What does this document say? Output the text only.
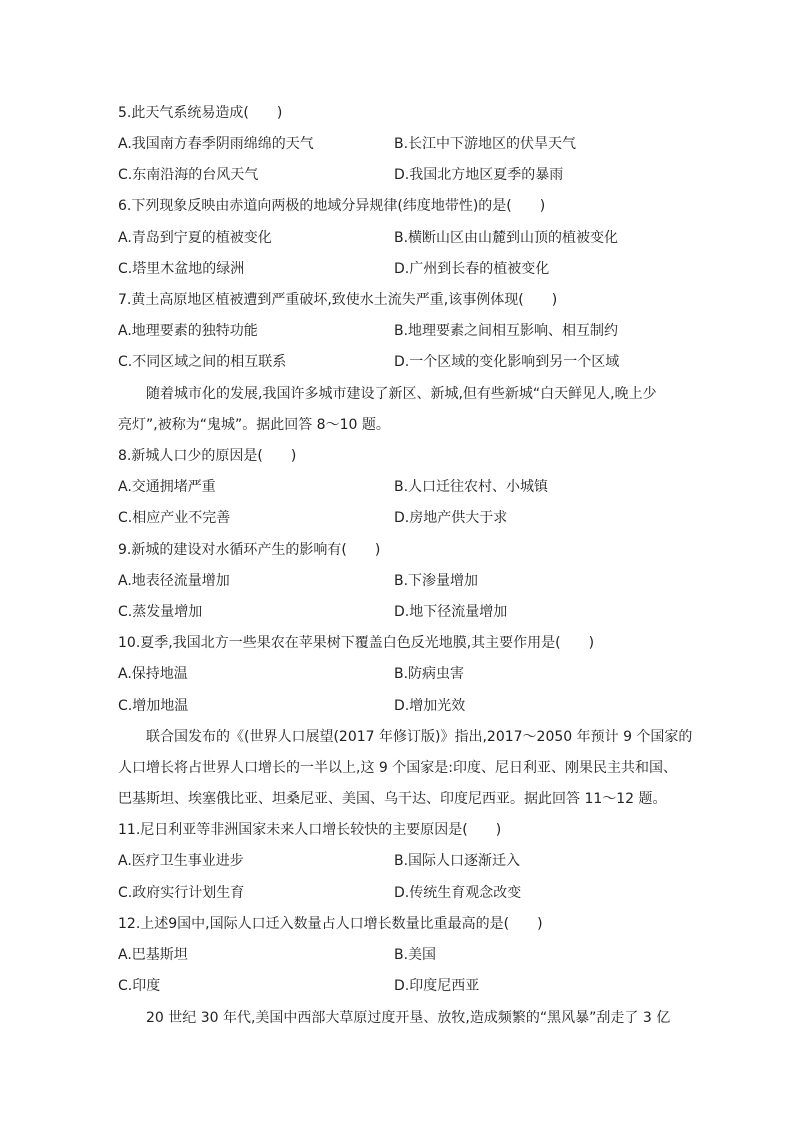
5.此天气系统易造成(　　)
A.我国南方春季阴雨绵绵的天气	B.长江中下游地区的伏旱天气
C.东南沿海的台风天气	D.我国北方地区夏季的暴雨
6.下列现象反映由赤道向两极的地域分异规律(纬度地带性)的是(　　)
A.青岛到宁夏的植被变化	B.横断山区由山麓到山顶的植被变化
C.塔里木盆地的绿洲	D.广州到长春的植被变化
7.黄土高原地区植被遭到严重破坏,致使水土流失严重,该事例体现(　　)
A.地理要素的独特功能	B.地理要素之间相互影响、相互制约
C.不同区域之间的相互联系	D.一个区域的变化影响到另一个区域
随着城市化的发展,我国许多城市建设了新区、新城,但有些新城“白天鲜见人,晚上少
亮灯”,被称为“鬼城”。据此回答 8～10 题。
8.新城人口少的原因是(　　)
A.交通拥堵严重	B.人口迁往农村、小城镇
C.相应产业不完善	D.房地产供大于求
9.新城的建设对水循环产生的影响有(　　)
A.地表径流量增加	B.下渗量增加
C.蒸发量增加	D.地下径流量增加
10.夏季,我国北方一些果农在苹果树下覆盖白色反光地膜,其主要作用是(　　)
A.保持地温	B.防病虫害
C.增加地温	D.增加光效
联合国发布的《(世界人口展望(2017 年修订版)》指出,2017～2050 年预计 9 个国家的
人口增长将占世界人口增长的一半以上,这 9 个国家是:印度、尼日利亚、刚果民主共和国、
巴基斯坦、埃塞俄比亚、坦桑尼亚、美国、乌干达、印度尼西亚。据此回答 11～12 题。
11.尼日利亚等非洲国家未来人口增长较快的主要原因是(　　)
A.医疗卫生事业进步	B.国际人口逐渐迁入
C.政府实行计划生育	D.传统生育观念改变
12.上述9国中,国际人口迁入数量占人口增长数量比重最高的是(　　)
A.巴基斯坦	B.美国
C.印度	D.印度尼西亚
20 世纪 30 年代,美国中西部大草原过度开垦、放牧,造成频繁的“黑风暴”刮走了 3 亿
